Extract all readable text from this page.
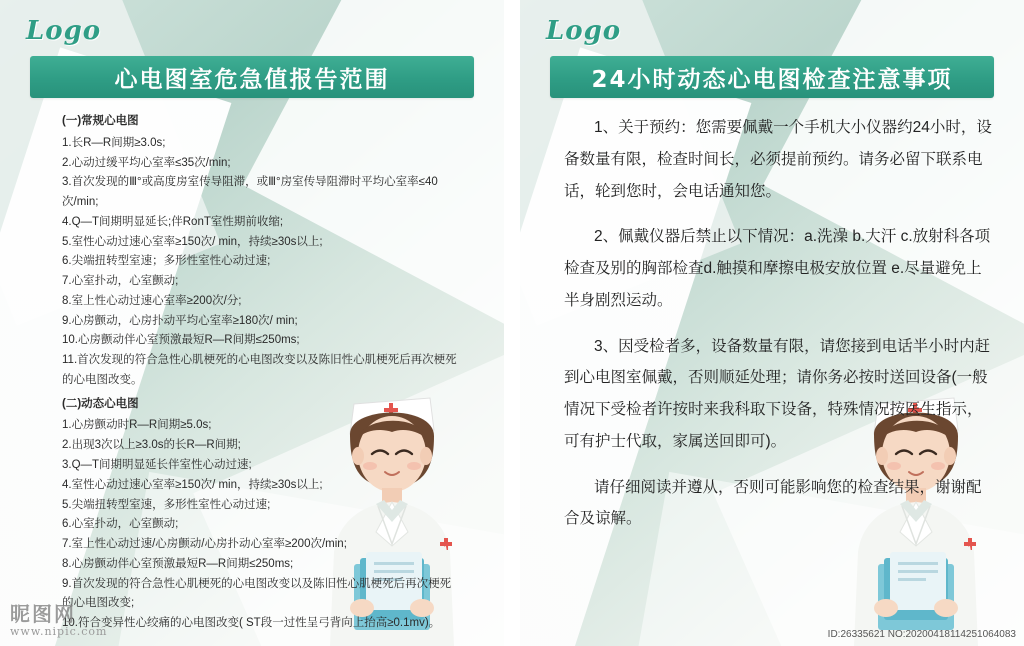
Logo
心电图室危急值报告范围

(一)常规心电图

1.长R—R间期≥3.0s;

2.心动过缓平均心室率≤35次/min;

3.首次发现的Ⅲ°或高度房室传导阻滞，或Ⅲ°房室传导阻滞时平均心室率≤40次/min;

4.Q—T间期明显延长;伴RonT室性期前收缩;

5.室性心动过速心室率≥150次/ min，持续≥30s以上;

6.尖端扭转型室速；多形性室性心动过速;

7.心室扑动，心室颤动;

8.室上性心动过速心室率≥200次/分;

9.心房颤动，心房扑动平均心室率≥180次/ min;

10.心房颤动伴心室预激最短R—R间期≤250ms;

11.首次发现的符合急性心肌梗死的心电图改变以及陈旧性心肌梗死后再次梗死的心电图改变。

(二)动态心电图

1.心房颤动时R—R间期≥5.0s;

2.出现3次以上≥3.0s的长R—R间期;

3.Q—T间期明显延长伴室性心动过速;

4.室性心动过速心室率≥150次/ min，持续≥30s以上;

5.尖端扭转型室速，多形性室性心动过速;

6.心室扑动，心室颤动;

7.室上性心动过速/心房颤动/心房扑动心室率≥200次/min;

8.心房颤动伴心室预激最短R—R间期≤250ms;

9.首次发现的符合急性心肌梗死的心电图改变以及陈旧性心肌梗死后再次梗死的心电图改变;

10.符合变异性心绞痛的心电图改变( ST段一过性呈弓背向上抬高≥0.1mv)。

Logo
24小时动态心电图检查注意事项

1、关于预约：您需要佩戴一个手机大小仪器约24小时，设备数量有限，检查时间长，必须提前预约。请务必留下联系电话，轮到您时，会电话通知您。

2、佩戴仪器后禁止以下情况：a.洗澡 b.大汗 c.放射科各项检查及别的胸部检查d.触摸和摩擦电极安放位置 e.尽量避免上半身剧烈运动。

3、因受检者多，设备数量有限，请您接到电话半小时内赶到心电图室佩戴，否则顺延处理；请你务必按时送回设备(一般情况下受检者许按时来我科取下设备，特殊情况按医生指示，可有护士代取，家属送回即可)。

请仔细阅读并遵从，否则可能影响您的检查结果，谢谢配合及谅解。

昵图网
www.nipic.com	ID:26335621 NO:20200418114251064083
